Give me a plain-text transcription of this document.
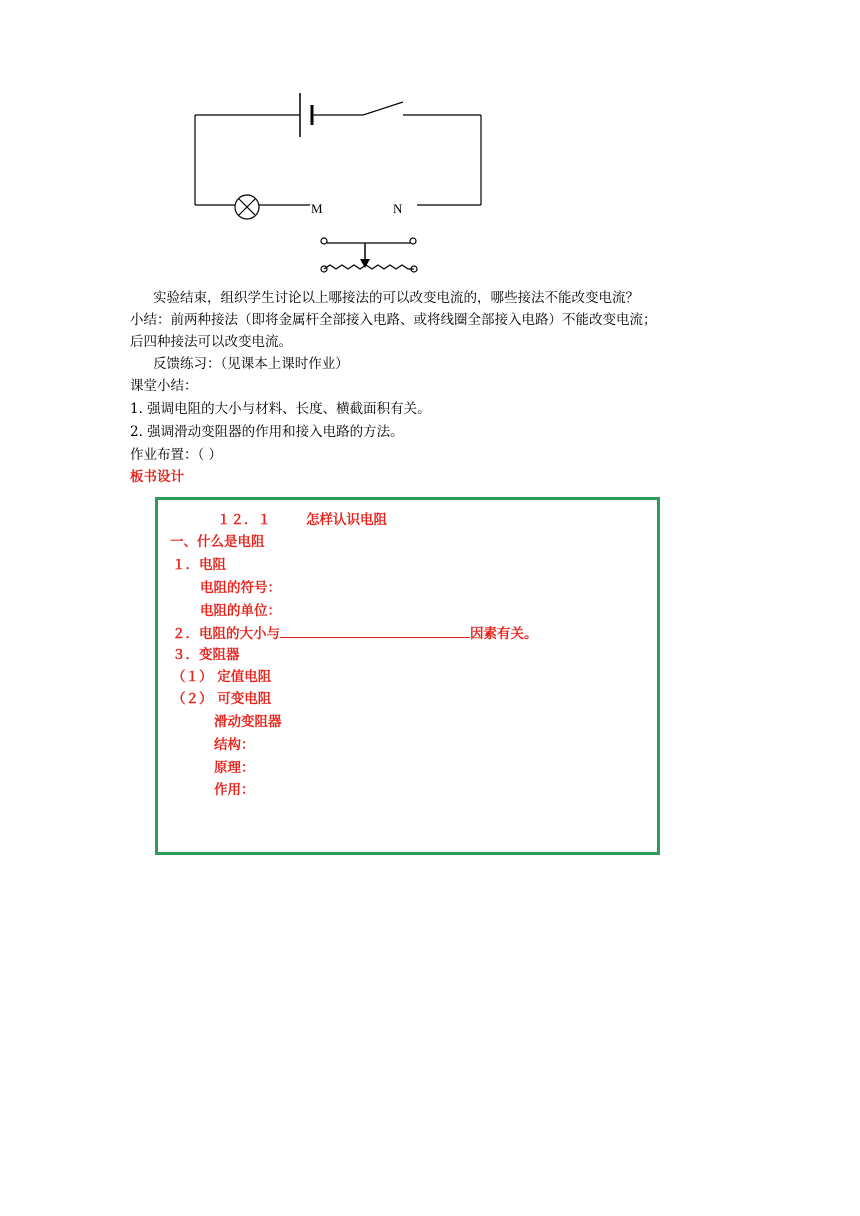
M	N
实验结束，组织学生讨论以上哪接法的可以改变电流的，哪些接法不能改变电流？
小结：前两种接法（即将金属杆全部接入电路、或将线圈全部接入电路）不能改变电流；
后四种接法可以改变电流。
反馈练习：（见课本上课时作业）
课堂小结：
1. 强调电阻的大小与材料、长度、横截面积有关。
2. 强调滑动变阻器的作用和接入电路的方法。
作业布置：（ ）
板书设计
１２．１	怎样认识电阻
一、什么是电阻
１．电阻
电阻的符号：
电阻的单位：
２．电阻的大小与	因素有关。
３．变阻器
（１） 定值电阻
（２） 可变电阻
滑动变阻器
结构：
原理：
作用：
